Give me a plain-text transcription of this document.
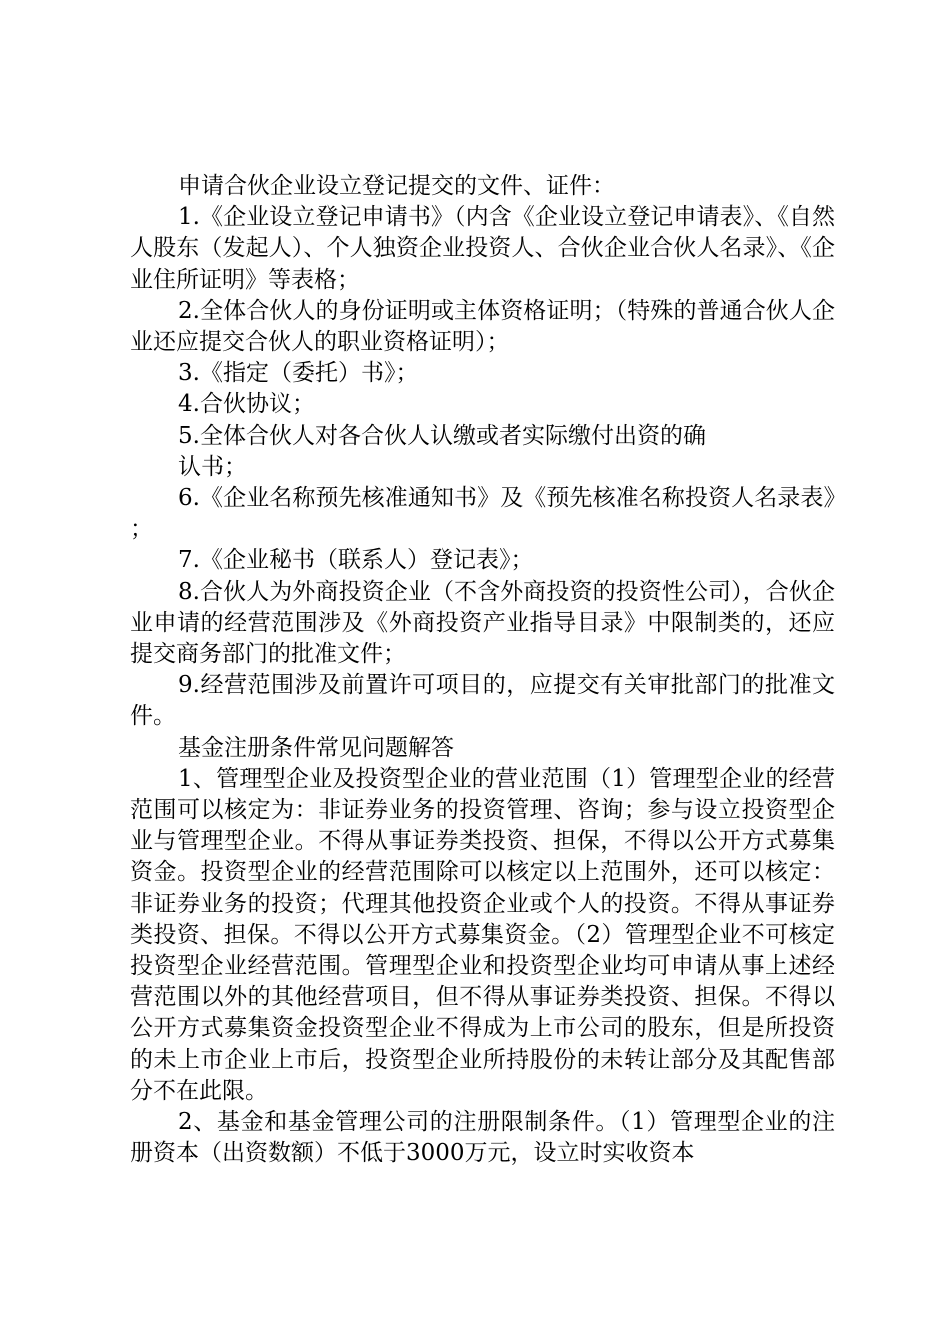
申请合伙企业设立登记提交的文件、证件：

1.《企业设立登记申请书》（内含《企业设立登记申请表》、《自然人股东（发起人）、个人独资企业投资人、合伙企业合伙人名录》、《企业住所证明》等表格；

2.全体合伙人的身份证明或主体资格证明；（特殊的普通合伙人企业还应提交合伙人的职业资格证明）；

3.《指定（委托）书》；

4.合伙协议；

5.全体合伙人对各合伙人认缴或者实际缴付出资的确

认书；

6.《企业名称预先核准通知书》及《预先核准名称投资人名录表》；

7.《企业秘书（联系人）登记表》；

8.合伙人为外商投资企业（不含外商投资的投资性公司），合伙企业申请的经营范围涉及《外商投资产业指导目录》中限制类的，还应提交商务部门的批准文件；

9.经营范围涉及前置许可项目的，应提交有关审批部门的批准文件。

基金注册条件常见问题解答

1、管理型企业及投资型企业的营业范围（1）管理型企业的经营范围可以核定为：非证券业务的投资管理、咨询；参与设立投资型企业与管理型企业。不得从事证券类投资、担保，不得以公开方式募集资金。投资型企业的经营范围除可以核定以上范围外，还可以核定：非证券业务的投资；代理其他投资企业或个人的投资。不得从事证券类投资、担保。不得以公开方式募集资金。（2）管理型企业不可核定投资型企业经营范围。管理型企业和投资型企业均可申请从事上述经营范围以外的其他经营项目，但不得从事证券类投资、担保。不得以公开方式募集资金投资型企业不得成为上市公司的股东，但是所投资的未上市企业上市后，投资型企业所持股份的未转让部分及其配售部分不在此限。

2、基金和基金管理公司的注册限制条件。（1）管理型企业的注册资本（出资数额）不低于3000万元，设立时实收资本
